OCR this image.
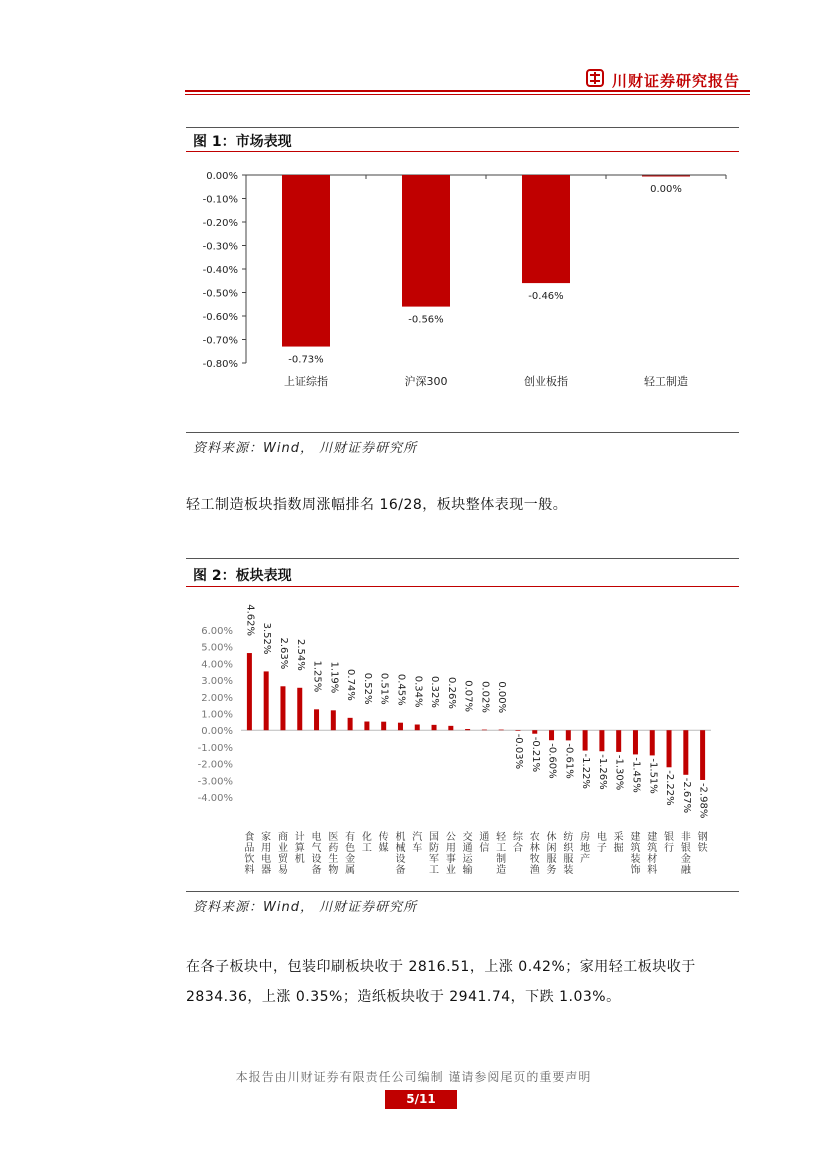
川财证券研究报告
图 1：市场表现
0.00%
-0.10%
-0.20%
-0.30%
-0.40%
-0.50%
-0.60%
-0.70%
-0.80%	-0.73%
上证综指
-0.56%
沪深300
-0.46%
创业板指
0.00%
轻工制造
资料来源：Wind， 川财证券研究所
轻工制造板块指数周涨幅排名 16/28，板块整体表现一般。
图 2：板块表现
6.00%
5.00%
4.00%
3.00%
2.00%
1.00%
0.00%
-1.00%
-2.00%
-3.00%
-4.00%
4.62%
食
品
饮
料
3.52%
家
用
电
器
2.63%
商
业
贸
易
2.54%
计
算
机
1.25%
电
气
设
备
1.19%
医
药
生
物
0.74%
有
色
金
属
0.52%
化
工
0.51%
传
媒
0.45%
机
械
设
备
0.34%
汽
车
0.32%
国
防
军
工
0.26%
公
用
事
业
0.07%
交
通
运
输
0.02%
通
信
0.00%
轻
工
制
造
-0.03%
综
合
-0.21%
农
林
牧
渔
-0.60%
休
闲
服
务
-0.61%
纺
织
服
装
-1.22%
房
地
产
-1.26%
电
子
-1.30%
采
掘
-1.45%
建
筑
装
饰
-1.51%
建
筑
材
料
-2.22%
银
行
-2.67%
非
银
金
融
-2.98%
钢
铁
资料来源：Wind， 川财证券研究所
在各子板块中，包装印刷板块收于 2816.51，上涨 0.42%；家用轻工板块收于 2834.36，上涨 0.35%；造纸板块收于 2941.74，下跌 1.03%。
本报告由川财证券有限责任公司编制 谨请参阅尾页的重要声明
5/11
